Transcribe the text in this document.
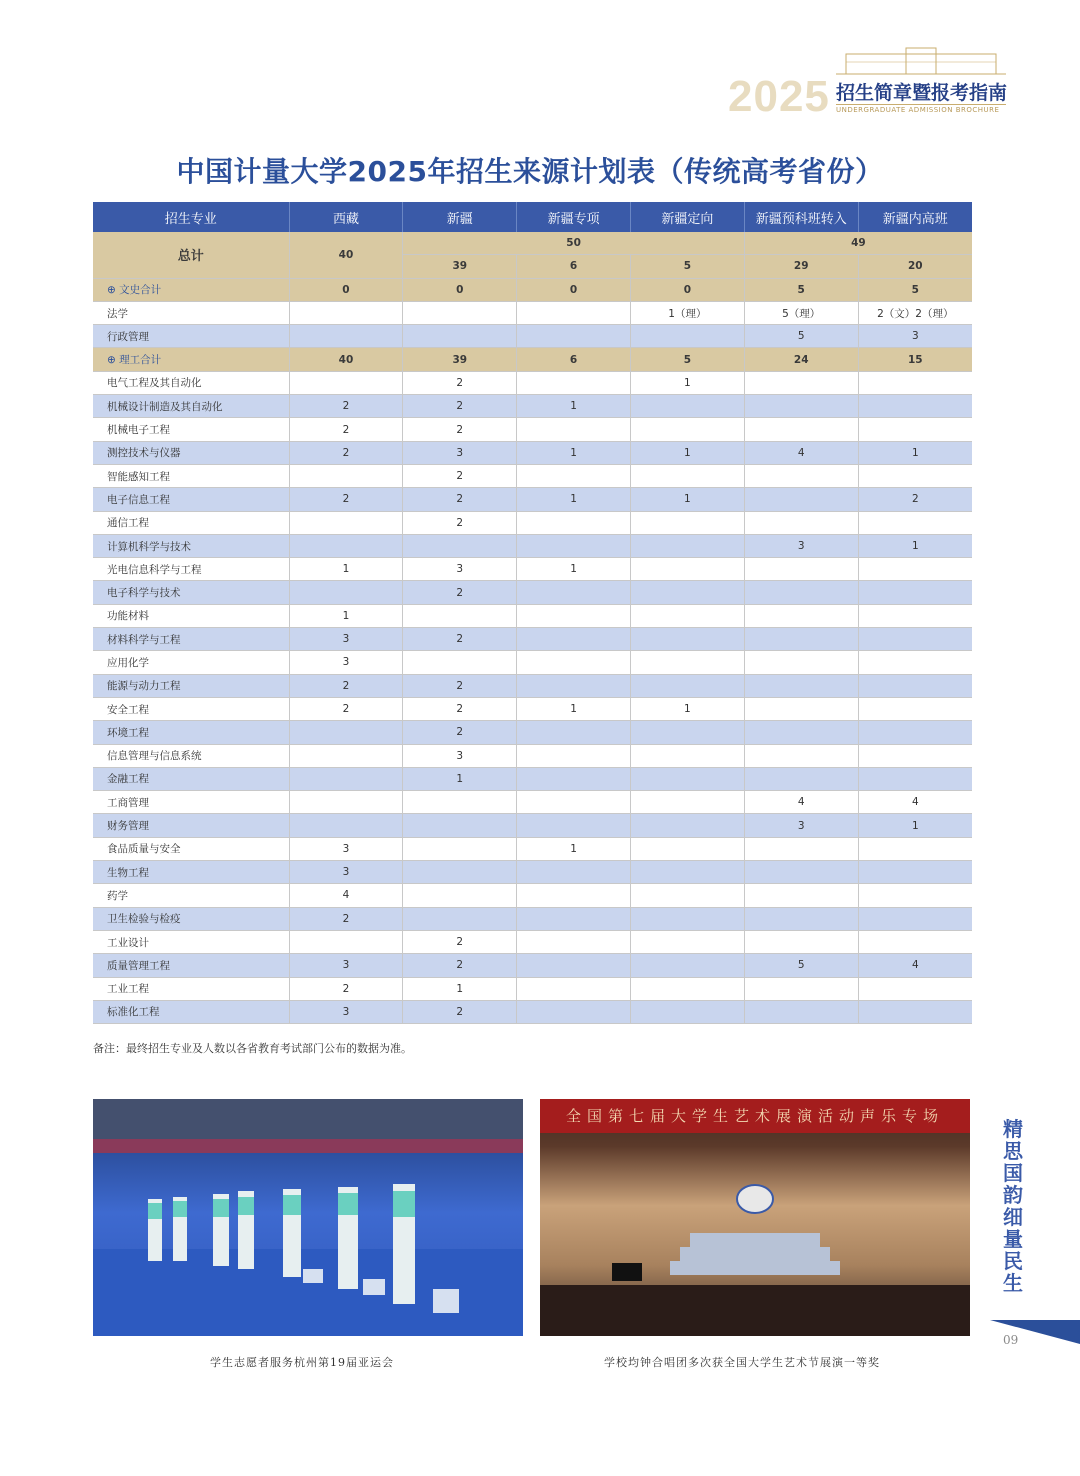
2025 招生简章暨报考指南
UNDERGRADUATE ADMISSION BROCHURE
中国计量大学2025年招生来源计划表（传统高考省份）
招生专业	西藏	新疆	新疆专项	新疆定向	新疆预科班转入	新疆内高班
总计	40	50			49	
		39	6	5	29	20
⊕ 文史合计	0	0	0	0	5	5
法学				1（理）	5（理）	2（文）2（理）
行政管理					5	3
⊕ 理工合计	40	39	6	5	24	15
电气工程及其自动化		2		1		
机械设计制造及其自动化	2	2	1			
机械电子工程	2	2				
测控技术与仪器	2	3	1	1	4	1
智能感知工程		2				
电子信息工程	2	2	1	1		2
通信工程		2				
计算机科学与技术					3	1
光电信息科学与工程	1	3	1			
电子科学与技术		2				
功能材料	1					
材料科学与工程	3	2				
应用化学	3					
能源与动力工程	2	2				
安全工程	2	2	1	1		
环境工程		2				
信息管理与信息系统		3				
金融工程		1				
工商管理					4	4
财务管理					3	1
食品质量与安全	3		1			
生物工程	3					
药学	4					
卫生检验与检疫	2					
工业设计		2				
质量管理工程	3	2			5	4
工业工程	2	1				
标准化工程	3	2				
备注：最终招生专业及人数以各省教育考试部门公布的数据为准。
全国第七届大学生艺术展演活动声乐专场
学生志愿者服务杭州第19届亚运会	学校均钟合唱团多次获全国大学生艺术节展演一等奖
精思国韵 细量民生
09
